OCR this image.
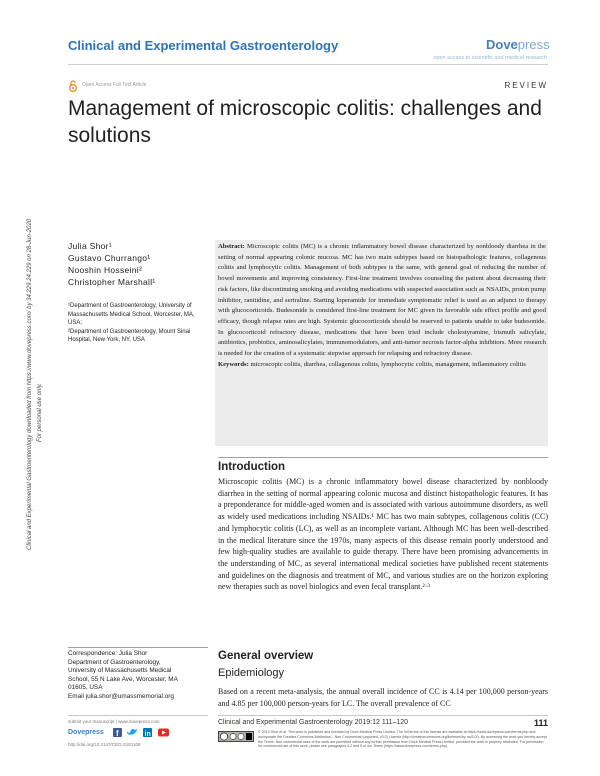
Clinical and Experimental Gastroenterology	Dovepress
open access to scientific and medical research
Open Access Full Text Article	REVIEW
Management of microscopic colitis: challenges and solutions
Clinical and Experimental Gastroenterology downloaded from https://www.dovepress.com/ by 34.229.24.229 on 28-Jun-2020 For personal use only.
Julia Shor¹
Gustavo Churrango¹
Nooshin Hosseini²
Christopher Marshall¹
¹Department of Gastroenterology, University of Massachusetts Medical School, Worcester, MA, USA;
²Department of Gastroenterology, Mount Sinai Hospital, New York, NY, USA
Abstract: Microscopic colitis (MC) is a chronic inflammatory bowel disease characterized by nonbloody diarrhea in the setting of normal appearing colonic mucosa. MC has two main subtypes based on histopathologic features, collagenous colitis and lymphocytic colitis. Management of both subtypes is the same, with general goal of reducing the number of bowel movements and improving consistency. First-line treatment involves counseling the patient about decreasing their risk factors, like discontinuing smoking and avoiding medications with suspected association such as NSAIDs, proton pump inhibitor, ranitidine, and sertraline. Starting loperamide for immediate symptomatic relief is used as an adjunct to therapy with glucocorticoids. Budesonide is considered first-line treatment for MC given its favorable side effect profile and good efficacy, though relapse rates are high. Systemic glucocorticoids should be reserved to patients unable to take budesonide. In glucocorticoid refractory disease, medications that have been tried include cholestyramine, bismuth salicylate, antibiotics, probiotics, aminosalicylates, immunomodulators, and anti-tumor necrosis factor-alpha inhibitors. More research is needed for the creation of a systematic stepwise approach for relapsing and refractory disease.
Keywords: microscopic colitis, diarrhea, collagenous colitis, lymphocytic colitis, management, inflammatory colitis
Introduction
Microscopic colitis (MC) is a chronic inflammatory bowel disease characterized by nonbloody diarrhea in the setting of normal appearing colonic mucosa and distinct histopathologic features. It has a preponderance for middle-aged women and is associated with various autoimmune disorders, as well as widely used medications including NSAIDs.¹ MC has two main subtypes, collagenous colitis (CC) and lymphocytic colitis (LC), as well as an incomplete variant. Although MC has been well-described in the medical literature since the 1970s, many aspects of this disease remain poorly understood and few high-quality studies are available to guide therapy. There have been promising advancements in the understanding of MC, as several international medical societies have published recent statements and guidelines on the diagnosis and treatment of MC, and various studies are on the horizon exploring new therapies such as novel biologics and even fecal transplant.²·³
Correspondence: Julia Shor
Department of Gastroenterology,
University of Massachusetts Medical
School, 55 N Lake Ave, Worcester, MA
01605, USA
Email julia.shor@umassmemorial.org
General overview
Epidemiology
Based on a recent meta-analysis, the annual overall incidence of CC is 4.14 per 100,000 person-years and 4.85 per 100,000 person-years for LC. The overall prevalence of CC
submit your manuscript | www.dovepress.com
Dovepress f	in
http://doi.org/10.2147/CEG.S181108
Clinical and Experimental Gastroenterology 2019:12 111–120	111
© 2019 Shor et al. This work is published and licensed by Dove Medical Press Limited. The full terms of this license are available at https://www.dovepress.com/terms.php and incorporate the Creative Commons Attribution – Non Commercial (unported, v3.0) License (http://creativecommons.org/licenses/by-nc/3.0/). By accessing the work you hereby accept the Terms. Non-commercial uses of the work are permitted without any further permission from Dove Medical Press Limited, provided the work is properly attributed. For permission for commercial use of this work, please see paragraphs 4.2 and 5 of our Terms (https://www.dovepress.com/terms.php).
